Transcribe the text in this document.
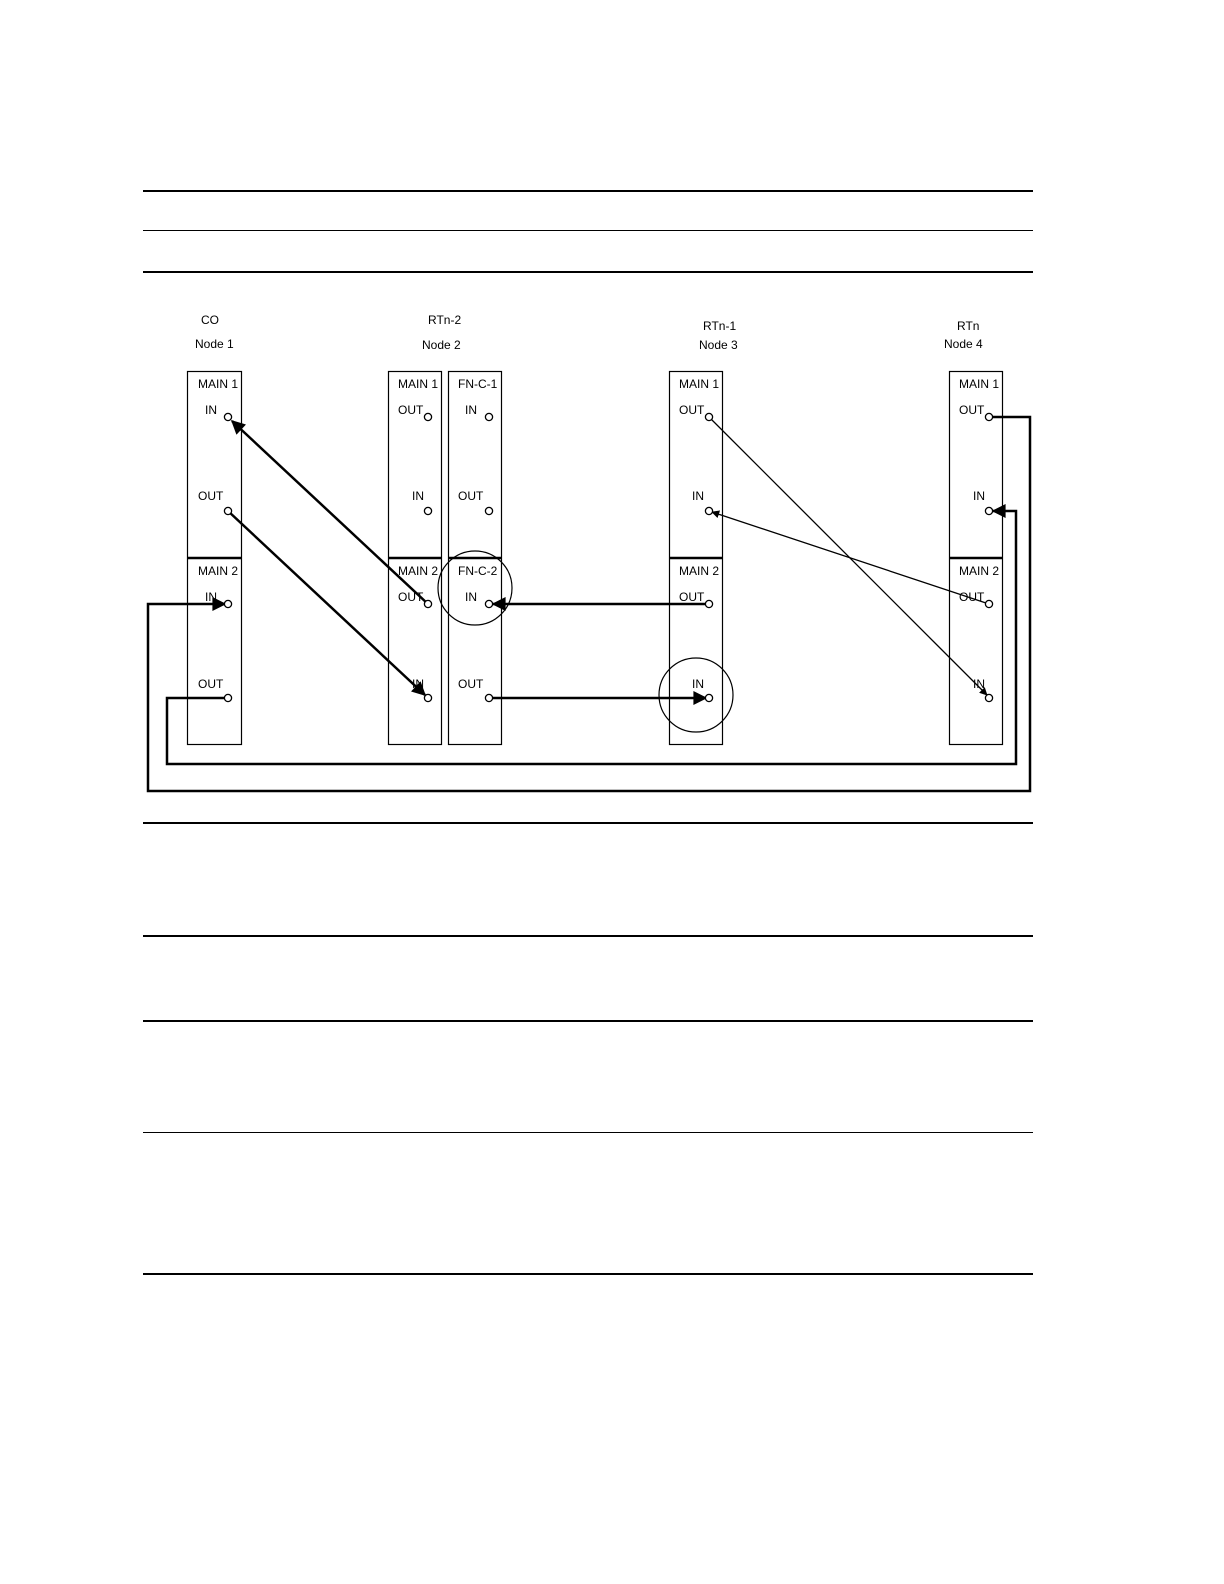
CO
Node 1
RTn-2
Node 2
RTn-1
Node 3
RTn
Node 4
MAIN 1
IN
OUT
MAIN 2
IN
OUT
MAIN 1
OUT
IN
MAIN 2
OUT
IN
FN-C-1
IN
OUT
FN-C-2
IN
OUT
MAIN 1
OUT
IN
MAIN 2
OUT
IN
MAIN 1
OUT
IN
MAIN 2
OUT
IN
